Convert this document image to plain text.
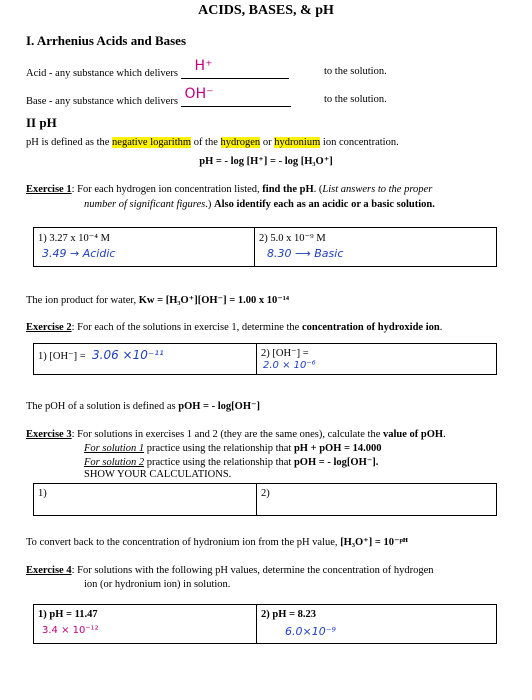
ACIDS, BASES, & pH
I. Arrhenius Acids and Bases
Acid - any substance which delivers H⁺	to the solution.
Base - any substance which delivers OH⁻	to the solution.
II pH
pH is defined as the negative logarithm of the hydrogen or hydronium ion concentration.
pH = - log [H⁺] = - log [H₃O⁺]
Exercise 1: For each hydrogen ion concentration listed, find the pH. (List answers to the proper
number of significant figures.) Also identify each as an acidic or a basic solution.
1) 3.27 x 10⁻⁴ M
3.49 → Acidic
2) 5.0 x 10⁻⁹ M
8.30 ⟶ Basic
The ion product for water, Kw = [H₃O⁺][OH⁻] = 1.00 x 10⁻¹⁴
Exercise 2: For each of the solutions in exercise 1, determine the concentration of hydroxide ion.
1) [OH⁻] = 3.06 ×10⁻¹¹	2) [OH⁻] =
2.0 × 10⁻⁶
The pOH of a solution is defined as pOH = - log[OH⁻]
Exercise 3: For solutions in exercises 1 and 2 (they are the same ones), calculate the value of pOH.
For solution 1 practice using the relationship that pH + pOH = 14.000
For solution 2 practice using the relationship that pOH = - log[OH⁻].
SHOW YOUR CALCULATIONS.
1)	2)
To convert back to the concentration of hydronium ion from the pH value, [H₃O⁺] = 10⁻ᵖᴴ
Exercise 4: For solutions with the following pH values, determine the concentration of hydrogen
ion (or hydronium ion) in solution.
1) pH = 11.47
3.4 × 10⁻¹²
2) pH = 8.23
6.0×10⁻⁹
